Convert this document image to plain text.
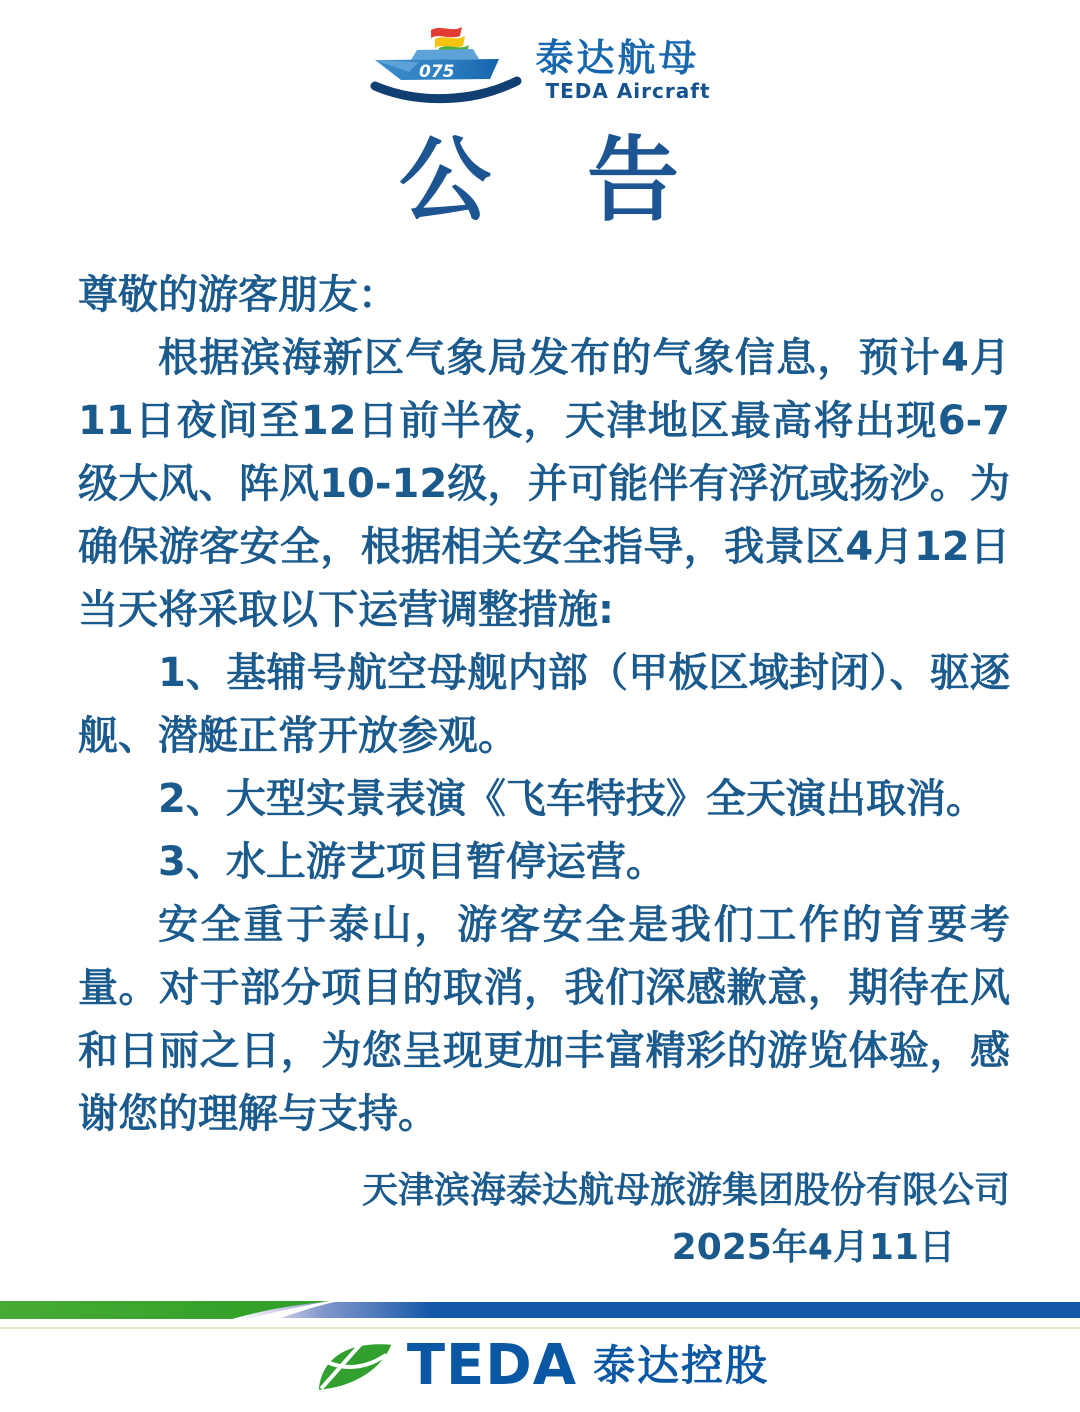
075 泰达航母
TEDA Aircraft
公　告

尊敬的游客朋友：

根据滨海新区气象局发布的气象信息，预计4月11日夜间至12日前半夜，天津地区最高将出现6-7级大风、阵风10-12级，并可能伴有浮沉或扬沙。为确保游客安全，根据相关安全指导，我景区4月12日当天将采取以下运营调整措施:

1、基辅号航空母舰内部（甲板区域封闭）、驱逐舰、潜艇正常开放参观。

2、大型实景表演《飞车特技》全天演出取消。

3、水上游艺项目暂停运营。

安全重于泰山，游客安全是我们工作的首要考量。对于部分项目的取消，我们深感歉意，期待在风和日丽之日，为您呈现更加丰富精彩的游览体验，感谢您的理解与支持。

天津滨海泰达航母旅游集团股份有限公司

2025年4月11日

TEDA 泰达控股
